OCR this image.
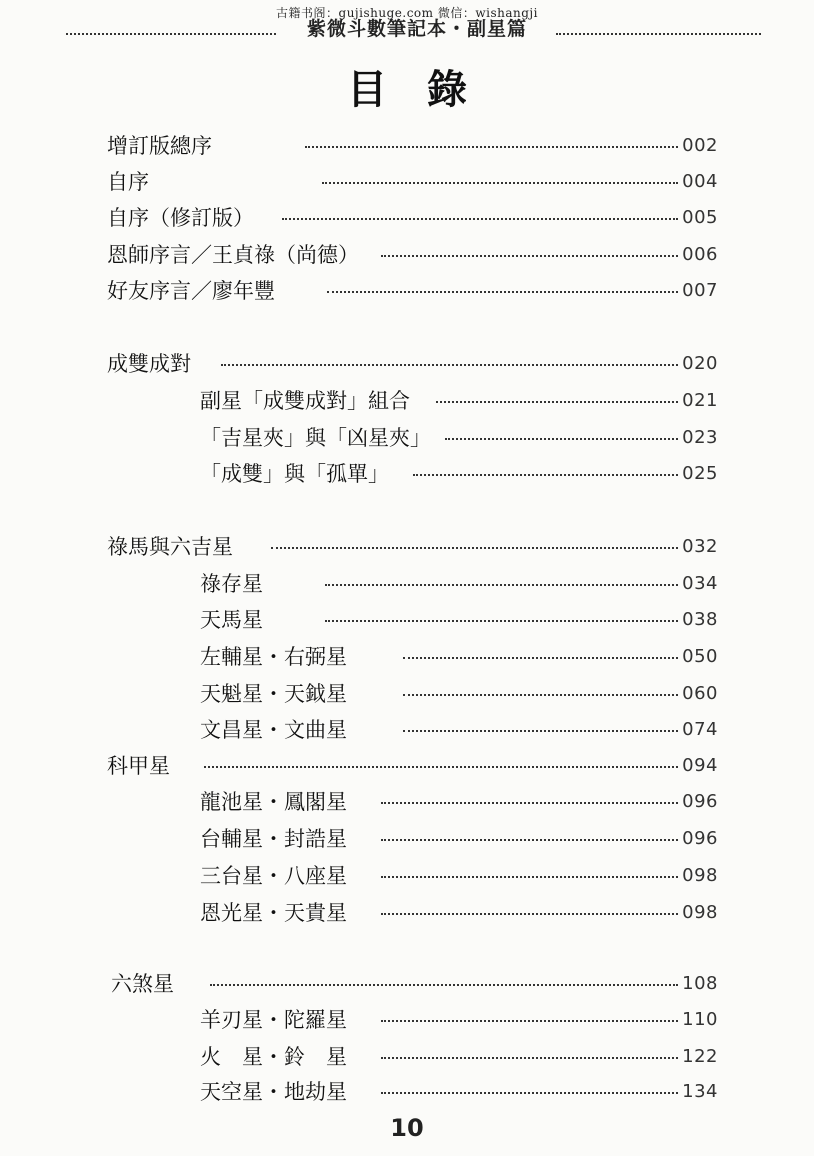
古籍书阁：gujishuge.com 微信：wishangji
紫微斗數筆記本・副星篇
目錄
增訂版總序	002
自序	004
自序（修訂版）	005
恩師序言／王貞祿（尚德）	006
好友序言／廖年豐	007
成雙成對	020
副星「成雙成對」組合	021
「吉星夾」與「凶星夾」	023
「成雙」與「孤單」	025
祿馬與六吉星	032
祿存星	034
天馬星	038
左輔星・右弼星	050
天魁星・天鉞星	060
文昌星・文曲星	074
科甲星	094
龍池星・鳳閣星	096
台輔星・封誥星	096
三台星・八座星	098
恩光星・天貴星	098
六煞星	108
羊刃星・陀羅星	110
火　星・鈴　星	122
天空星・地劫星	134
10
